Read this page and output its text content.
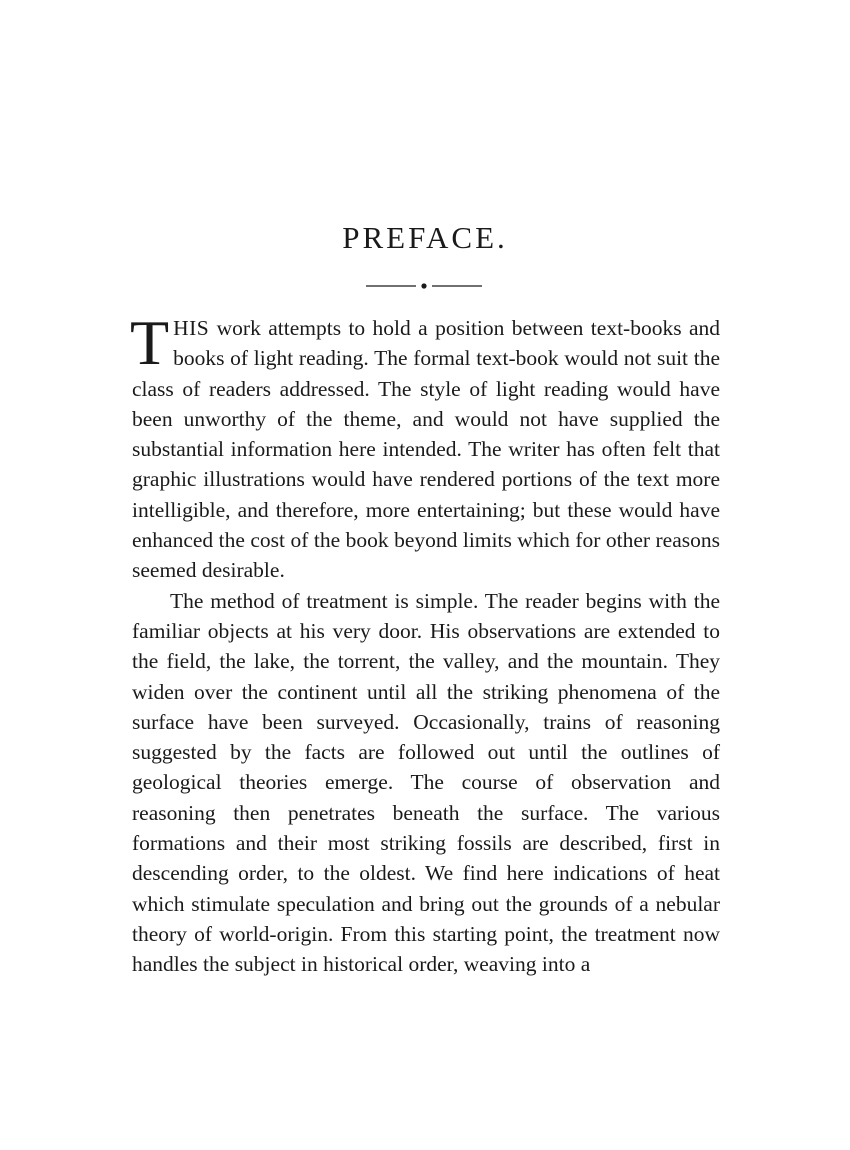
PREFACE.

THIS work attempts to hold a position between text-books and books of light reading. The formal text-book would not suit the class of readers addressed. The style of light reading would have been unworthy of the theme, and would not have supplied the substantial information here intended. The writer has often felt that graphic illustrations would have rendered portions of the text more intelligible, and therefore, more entertaining; but these would have enhanced the cost of the book beyond limits which for other reasons seemed desirable.

The method of treatment is simple. The reader begins with the familiar objects at his very door. His observations are extended to the field, the lake, the torrent, the valley, and the mountain. They widen over the continent until all the striking phenomena of the surface have been surveyed. Occasionally, trains of reasoning suggested by the facts are followed out until the outlines of geological theories emerge. The course of observation and reasoning then penetrates beneath the surface. The various formations and their most striking fossils are described, first in descending order, to the oldest. We find here indications of heat which stimulate speculation and bring out the grounds of a nebular theory of world-origin. From this starting point, the treatment now handles the subject in historical order, weaving into a
